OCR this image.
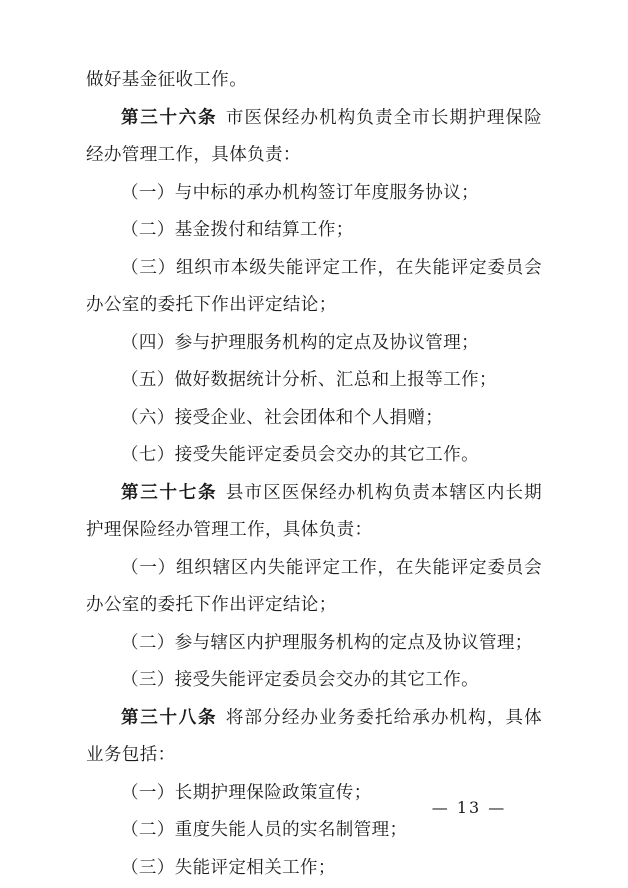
做好基金征收工作。
第三十六条 市医保经办机构负责全市长期护理保险经办管理工作，具体负责：
（一）与中标的承办机构签订年度服务协议；
（二）基金拨付和结算工作；
（三）组织市本级失能评定工作，在失能评定委员会办公室的委托下作出评定结论；
（四）参与护理服务机构的定点及协议管理；
（五）做好数据统计分析、汇总和上报等工作；
（六）接受企业、社会团体和个人捐赠；
（七）接受失能评定委员会交办的其它工作。
第三十七条 县市区医保经办机构负责本辖区内长期护理保险经办管理工作，具体负责：
（一）组织辖区内失能评定工作，在失能评定委员会办公室的委托下作出评定结论；
（二）参与辖区内护理服务机构的定点及协议管理；
（三）接受失能评定委员会交办的其它工作。
第三十八条 将部分经办业务委托给承办机构，具体业务包括：
（一）长期护理保险政策宣传；
（二）重度失能人员的实名制管理；
（三）失能评定相关工作；
— 13 —
